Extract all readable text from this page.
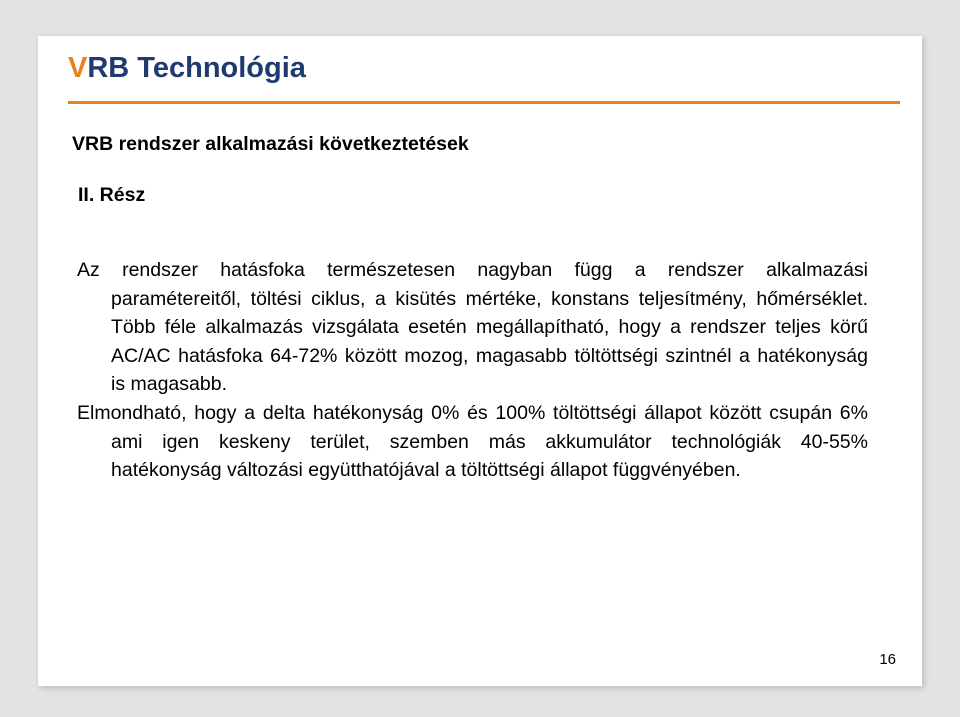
VRB Technológia
VRB rendszer alkalmazási következtetések
II. Rész

Az rendszer hatásfoka természetesen nagyban függ a rendszer alkalmazási paramétereitől, töltési ciklus, a kisütés mértéke, konstans teljesítmény, hőmérséklet. Több féle alkalmazás vizsgálata esetén megállapítható, hogy a rendszer teljes körű AC/AC hatásfoka 64-72% között mozog, magasabb töltöttségi szintnél a hatékonyság is magasabb.

Elmondható, hogy a delta hatékonyság 0% és 100% töltöttségi állapot között csupán 6% ami igen keskeny terület, szemben más akkumulátor technológiák 40-55% hatékonyság változási együtthatójával a töltöttségi állapot függvényében.

16
